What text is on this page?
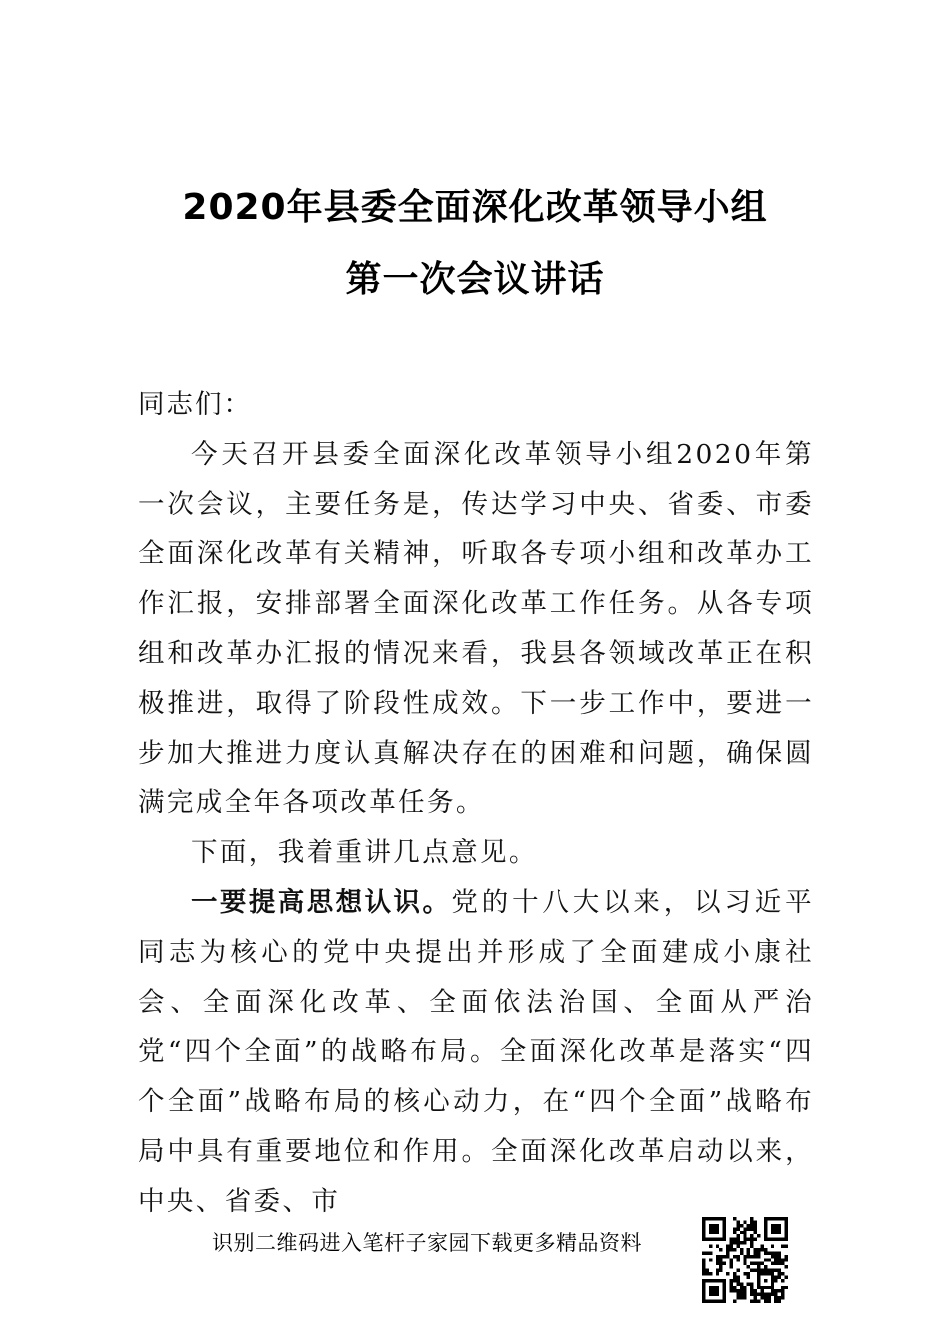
2020年县委全面深化改革领导小组
第一次会议讲话

同志们：

今天召开县委全面深化改革领导小组2020年第一次会议，主要任务是，传达学习中央、省委、市委全面深化改革有关精神，听取各专项小组和改革办工作汇报，安排部署全面深化改革工作任务。从各专项组和改革办汇报的情况来看，我县各领域改革正在积极推进，取得了阶段性成效。下一步工作中，要进一步加大推进力度认真解决存在的困难和问题，确保圆满完成全年各项改革任务。

下面，我着重讲几点意见。

一要提高思想认识。党的十八大以来，以习近平同志为核心的党中央提出并形成了全面建成小康社会、全面深化改革、全面依法治国、全面从严治党“四个全面”的战略布局。全面深化改革是落实“四个全面”战略布局的核心动力，在“四个全面”战略布局中具有重要地位和作用。全面深化改革启动以来，中央、省委、市

识别二维码进入笔杆子家园下载更多精品资料
